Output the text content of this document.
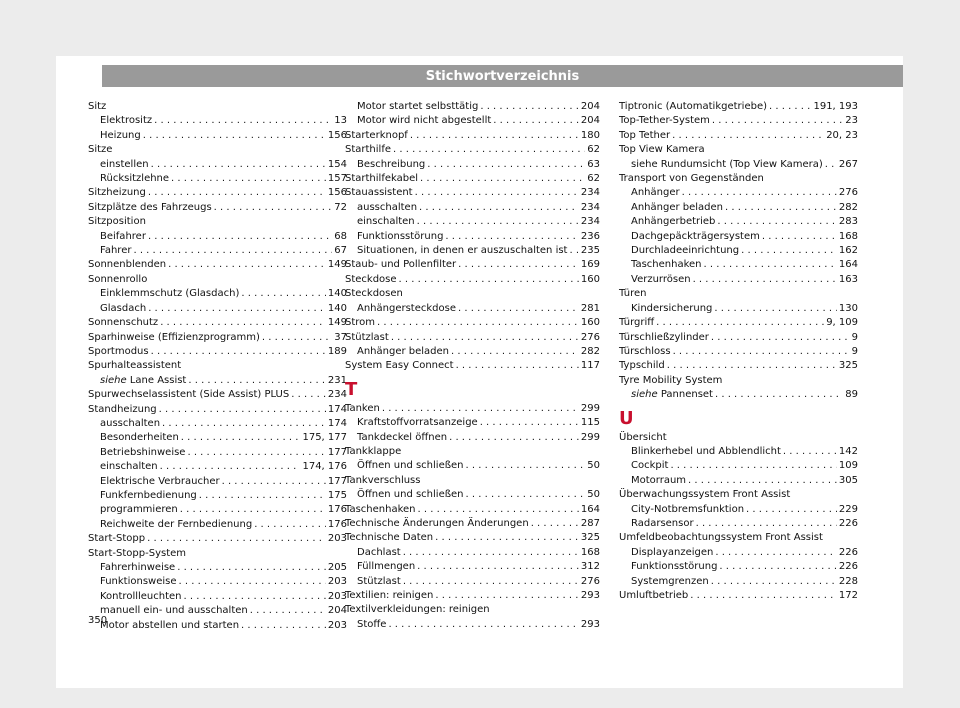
Stichwortverzeichnis
Sitz
Elektrositz . . .	13
Heizung . . .	156
Sitze
einstellen . . .	154
Rücksitzlehne . . .	157
Sitzheizung . . .	156
Sitzplätze des Fahrzeugs . . .	72
Sitzposition
Beifahrer . . .	68
Fahrer . . .	67
Sonnenblenden . . .	149
Sonnenrollo
Einklemmschutz (Glasdach) . . .	140
Glasdach . . .	140
Sonnenschutz . . .	149
Sparhinweise (Effizienzprogramm) . . .	37
Sportmodus . . .	189
Spurhalteassistent
siehe Lane Assist . . .	231
Spurwechselassistent (Side Assist) PLUS . . .	234
Standheizung . . .	174
ausschalten . . .	174
Besonderheiten . . .	175, 177
Betriebshinweise . . .	177
einschalten . . .	174, 176
Elektrische Verbraucher . . .	177
Funkfernbedienung . . .	175
programmieren . . .	176
Reichweite der Fernbedienung . . .	176
Start-Stopp . . .	203
Start-Stopp-System
Fahrerhinweise . . .	205
Funktionsweise . . .	203
Kontrollleuchten . . .	203
manuell ein- und ausschalten . . .	204
Motor abstellen und starten . . .	203
Motor startet selbsttätig . . .	204
Motor wird nicht abgestellt . . .	204
Starterknopf . . .	180
Starthilfe . . .	62
Beschreibung . . .	63
Starthilfekabel . . .	62
Stauassistent . . .	234
ausschalten . . .	234
einschalten . . .	234
Funktionsstörung . . .	236
Situationen, in denen er auszuschalten ist . . . 235
Staub- und Pollenfilter . . .	169
Steckdose . . .	160
Steckdosen
Anhängersteckdose . . .	281
Strom . . .	160
Stützlast . . .	276
Anhänger beladen . . .	282
System Easy Connect . . .	117
T
Tanken . . .	299
Kraftstoffvorratsanzeige . . .	115
Tankdeckel öffnen . . .	299
Tankklappe
Öffnen und schließen . . .	50
Tankverschluss
Öffnen und schließen . . .	50
Taschenhaken . . .	164
Technische Änderungen Änderungen . . .	287
Technische Daten . . .	325
Dachlast . . .	168
Füllmengen . . .	312
Stützlast . . .	276
Textilien: reinigen . . .	293
Textilverkleidungen: reinigen
Stoffe . . .	293
Tiptronic (Automatikgetriebe) . . .	191, 193
Top-Tether-System . . .	23
Top Tether . . .	20, 23
Top View Kamera
siehe Rundumsicht (Top View Kamera) . . . 267
Transport von Gegenständen
Anhänger . . .	276
Anhänger beladen . . .	282
Anhängerbetrieb . . .	283
Dachgepäckträgersystem . . .	168
Durchladeeinrichtung . . .	162
Taschenhaken . . .	164
Verzurrösen . . .	163
Türen
Kindersicherung . . .	130
Türgriff . . .	9, 109
Türschließzylinder . . .	9
Türschloss . . .	9
Typschild . . .	325
Tyre Mobility System
siehe Pannenset . . .	89
U
Übersicht
Blinkerhebel und Abblendlicht . . .	142
Cockpit . . .	109
Motorraum . . .	305
Überwachungssystem Front Assist
City-Notbremsfunktion . . .	229
Radarsensor . . .	226
Umfeldbeobachtungssystem Front Assist
Displayanzeigen . . .	226
Funktionsstörung . . .	226
Systemgrenzen . . .	228
Umluftbetrieb . . .	172
350
